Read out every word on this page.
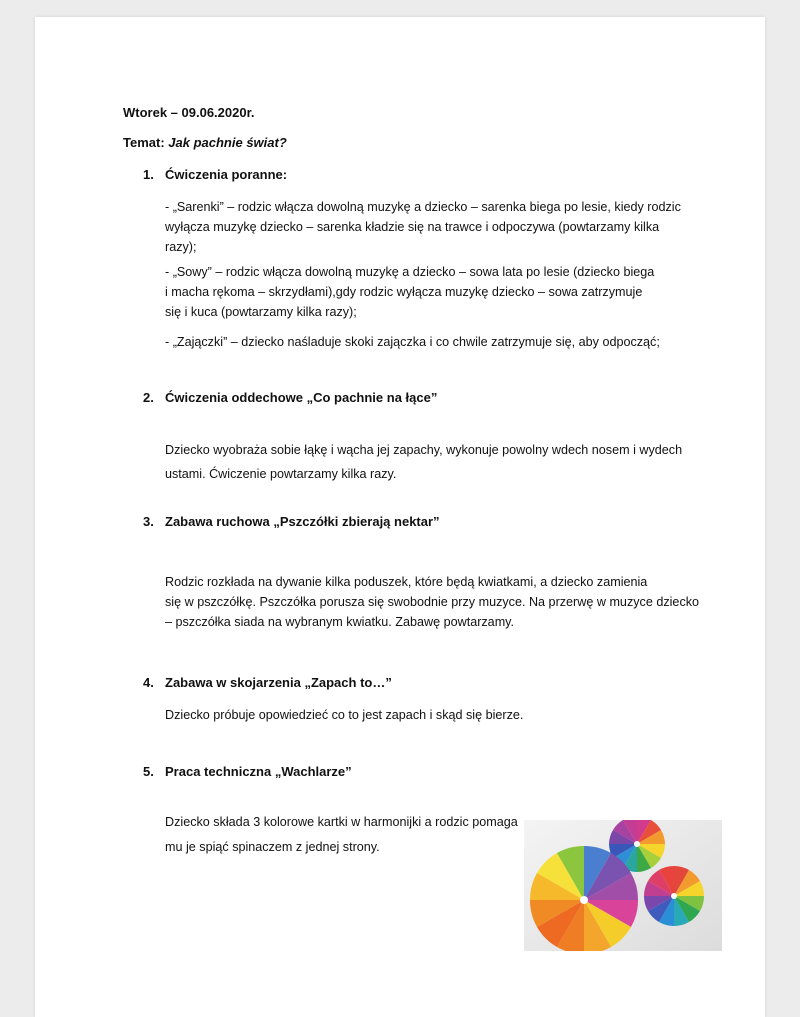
Wtorek – 09.06.2020r.

Temat: Jak pachnie świat?

1. Ćwiczenia poranne:
- „Sarenki” – rodzic włącza dowolną muzykę a dziecko – sarenka biega po lesie, kiedy rodzic
wyłącza muzykę dziecko – sarenka kładzie się na trawce i odpoczywa (powtarzamy kilka
razy);
- „Sowy” – rodzic włącza dowolną muzykę a dziecko – sowa lata po lesie (dziecko biega
i macha rękoma – skrzydłami),gdy rodzic wyłącza muzykę dziecko – sowa zatrzymuje
się i kuca (powtarzamy kilka razy);
- „Zajączki” – dziecko naśladuje skoki zajączka i co chwile zatrzymuje się, aby odpocząć;
2. Ćwiczenia oddechowe „Co pachnie na łące”
Dziecko wyobraża sobie łąkę i wącha jej zapachy, wykonuje powolny wdech nosem i wydech
ustami. Ćwiczenie powtarzamy kilka razy.
3. Zabawa ruchowa „Pszczółki zbierają nektar”
Rodzic rozkłada na dywanie kilka poduszek, które będą kwiatkami, a dziecko zamienia
się w pszczółkę. Pszczółka porusza się swobodnie przy muzyce. Na przerwę w muzyce dziecko
– pszczółka siada na wybranym kwiatku. Zabawę powtarzamy.
4. Zabawa w skojarzenia „Zapach to…”
Dziecko próbuje opowiedzieć co to jest zapach i skąd się bierze.
5. Praca techniczna „Wachlarze”
Dziecko składa 3 kolorowe kartki w harmonijki a rodzic pomaga
mu je spiąć spinaczem z jednej strony.
